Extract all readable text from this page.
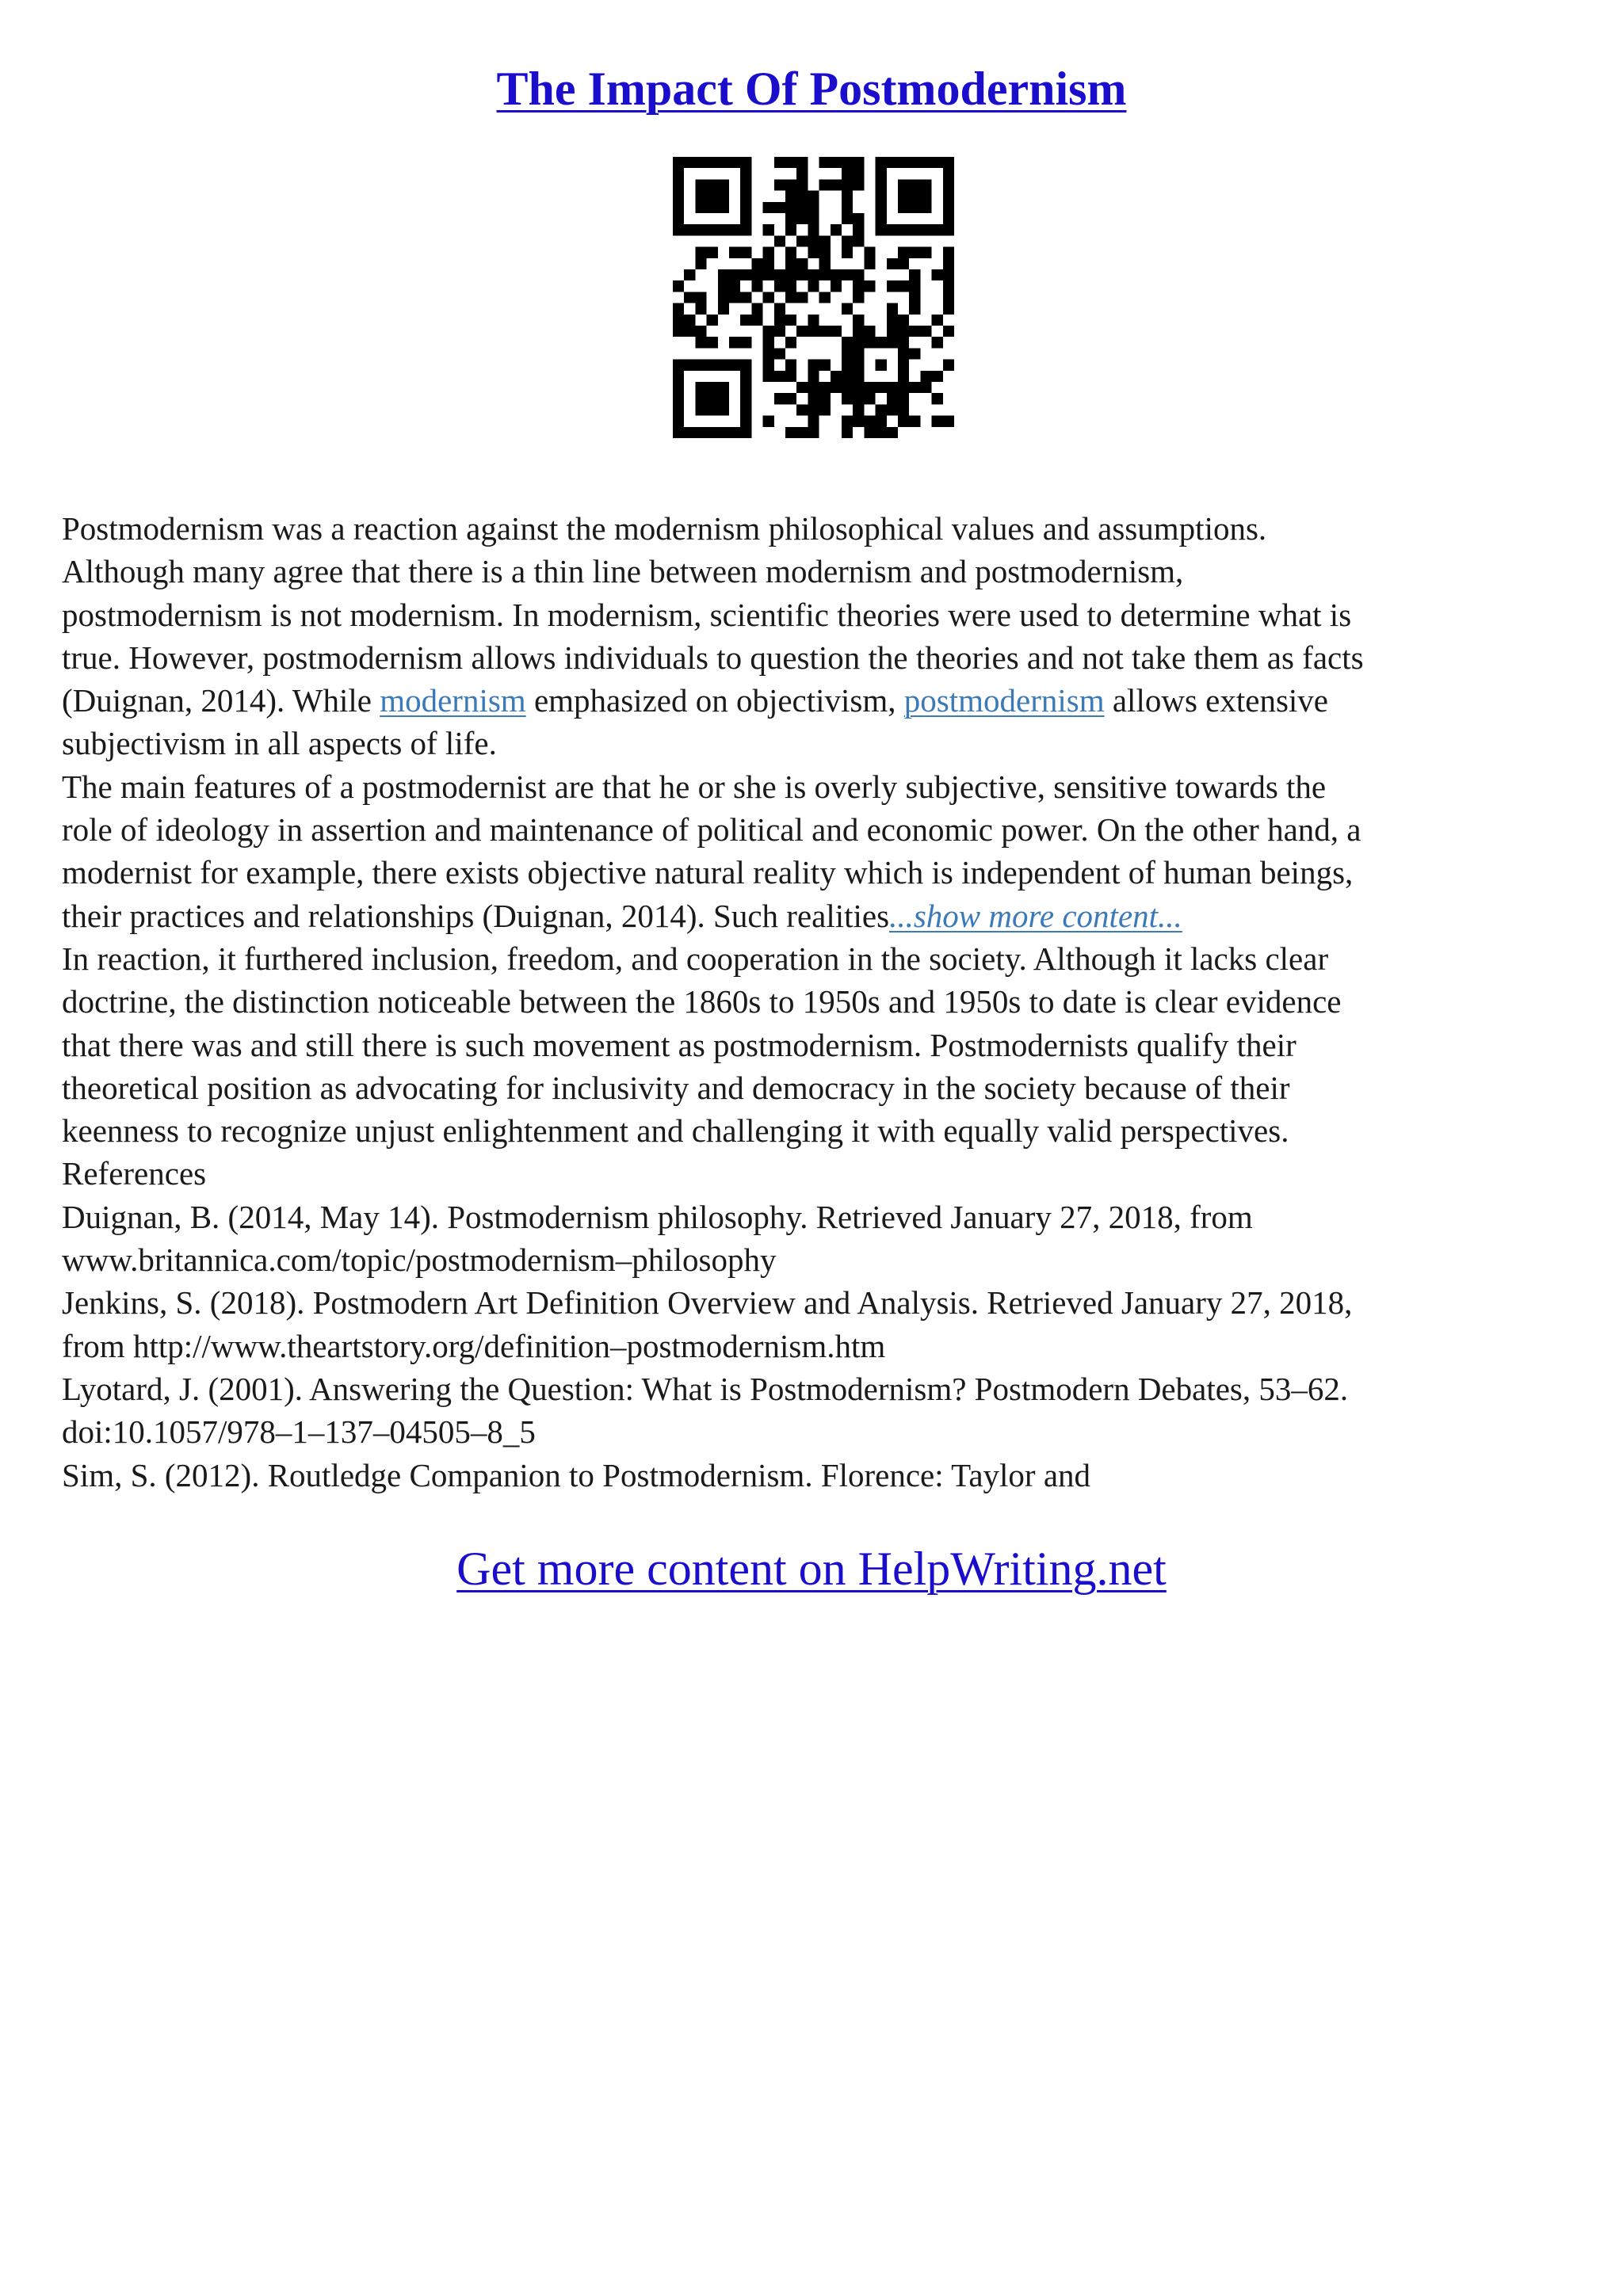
The Impact Of Postmodernism
Postmodernism was a reaction against the modernism philosophical values and assumptions.
Although many agree that there is a thin line between modernism and postmodernism,
postmodernism is not modernism. In modernism, scientific theories were used to determine what is
true. However, postmodernism allows individuals to question the theories and not take them as facts
(Duignan, 2014). While modernism emphasized on objectivism, postmodernism allows extensive
subjectivism in all aspects of life.
The main features of a postmodernist are that he or she is overly subjective, sensitive towards the
role of ideology in assertion and maintenance of political and economic power. On the other hand, a
modernist for example, there exists objective natural reality which is independent of human beings,
their practices and relationships (Duignan, 2014). Such realities...show more content...
In reaction, it furthered inclusion, freedom, and cooperation in the society. Although it lacks clear
doctrine, the distinction noticeable between the 1860s to 1950s and 1950s to date is clear evidence
that there was and still there is such movement as postmodernism. Postmodernists qualify their
theoretical position as advocating for inclusivity and democracy in the society because of their
keenness to recognize unjust enlightenment and challenging it with equally valid perspectives.
References
Duignan, B. (2014, May 14). Postmodernism philosophy. Retrieved January 27, 2018, from
www.britannica.com/topic/postmodernism–philosophy
Jenkins, S. (2018). Postmodern Art Definition Overview and Analysis. Retrieved January 27, 2018,
from http://www.theartstory.org/definition–postmodernism.htm
Lyotard, J. (2001). Answering the Question: What is Postmodernism? Postmodern Debates, 53–62.
doi:10.1057/978–1–137–04505–8_5
Sim, S. (2012). Routledge Companion to Postmodernism. Florence: Taylor and
Get more content on HelpWriting.net
